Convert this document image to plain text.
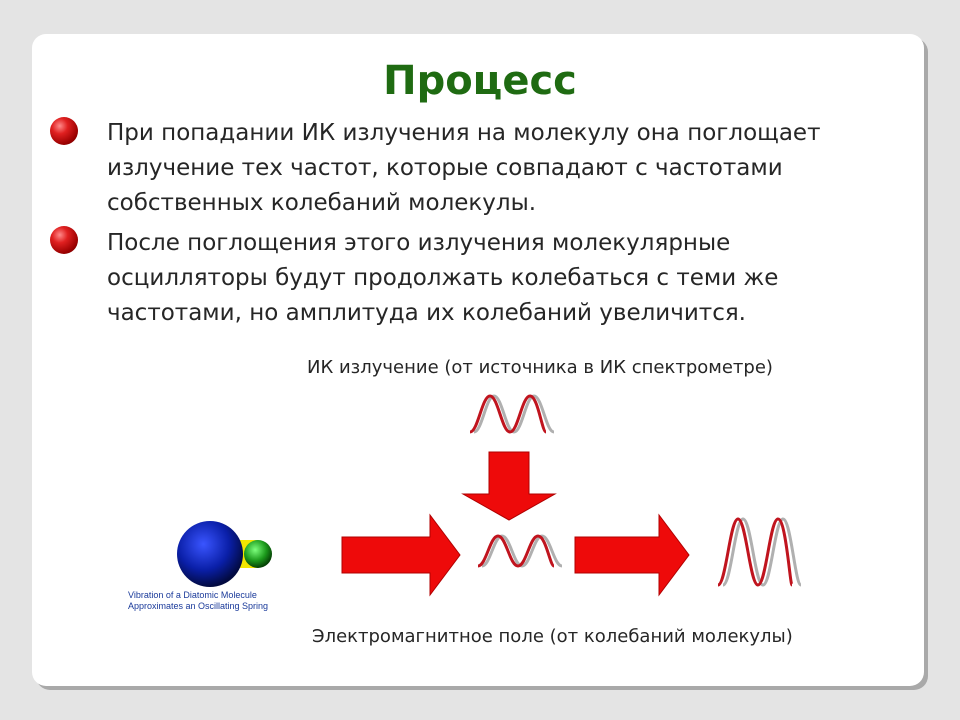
Процесс
При попадании ИК излучения на молекулу она поглощает
излучение тех частот, которые совпадают с частотами
собственных колебаний молекулы.
После поглощения этого излучения молекулярные
осцилляторы будут продолжать колебаться с теми же
частотами, но амплитуда их колебаний увеличится.
ИК излучение (от источника в ИК спектрометре)
Электромагнитное поле (от колебаний молекулы)
Vibration of a Diatomic Molecule
Approximates an Oscillating Spring
